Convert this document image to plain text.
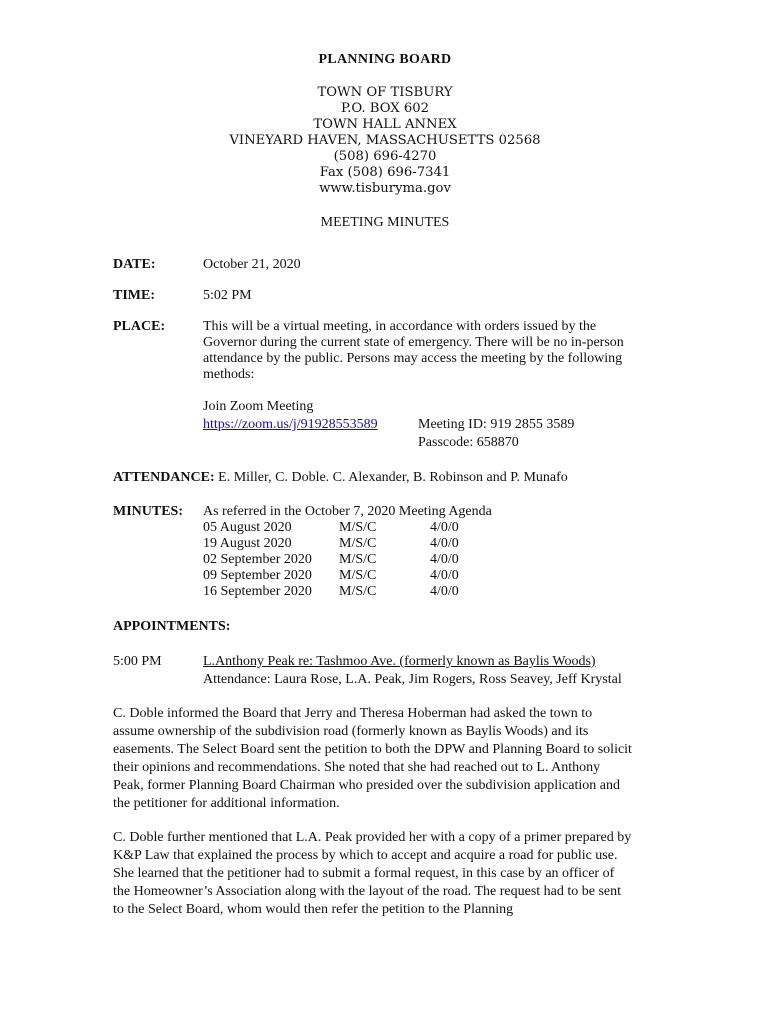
PLANNING BOARD
TOWN OF TISBURY
P.O. BOX 602
TOWN HALL ANNEX
VINEYARD HAVEN, MASSACHUSETTS 02568
(508) 696-4270
Fax (508) 696-7341
www.tisburyma.gov
MEETING MINUTES
DATE:	October 21, 2020
TIME:	5:02 PM
PLACE:	This will be a virtual meeting, in accordance with orders issued by the Governor during the current state of emergency. There will be no in-person attendance by the public. Persons may access the meeting by the following methods:
Join Zoom Meeting
https://zoom.us/j/91928553589	Meeting ID: 919 2855 3589
Passcode: 658870
ATTENDANCE: E. Miller, C. Doble. C. Alexander, B. Robinson and P. Munafo
MINUTES: As referred in the October 7, 2020 Meeting Agenda
05 August 2020	M/S/C	4/0/0
19 August 2020	M/S/C	4/0/0
02 September 2020	M/S/C	4/0/0
09 September 2020	M/S/C	4/0/0
16 September 2020	M/S/C	4/0/0
APPOINTMENTS:
5:00 PM	L.Anthony Peak re: Tashmoo Ave. (formerly known as Baylis Woods)
Attendance: Laura Rose, L.A. Peak, Jim Rogers, Ross Seavey, Jeff Krystal

C. Doble informed the Board that Jerry and Theresa Hoberman had asked the town to assume ownership of the subdivision road (formerly known as Baylis Woods) and its easements. The Select Board sent the petition to both the DPW and Planning Board to solicit their opinions and recommendations. She noted that she had reached out to L. Anthony Peak, former Planning Board Chairman who presided over the subdivision application and the petitioner for additional information.

C. Doble further mentioned that L.A. Peak provided her with a copy of a primer prepared by K&P Law that explained the process by which to accept and acquire a road for public use. She learned that the petitioner had to submit a formal request, in this case by an officer of the Homeowner’s Association along with the layout of the road. The request had to be sent to the Select Board, whom would then refer the petition to the Planning
